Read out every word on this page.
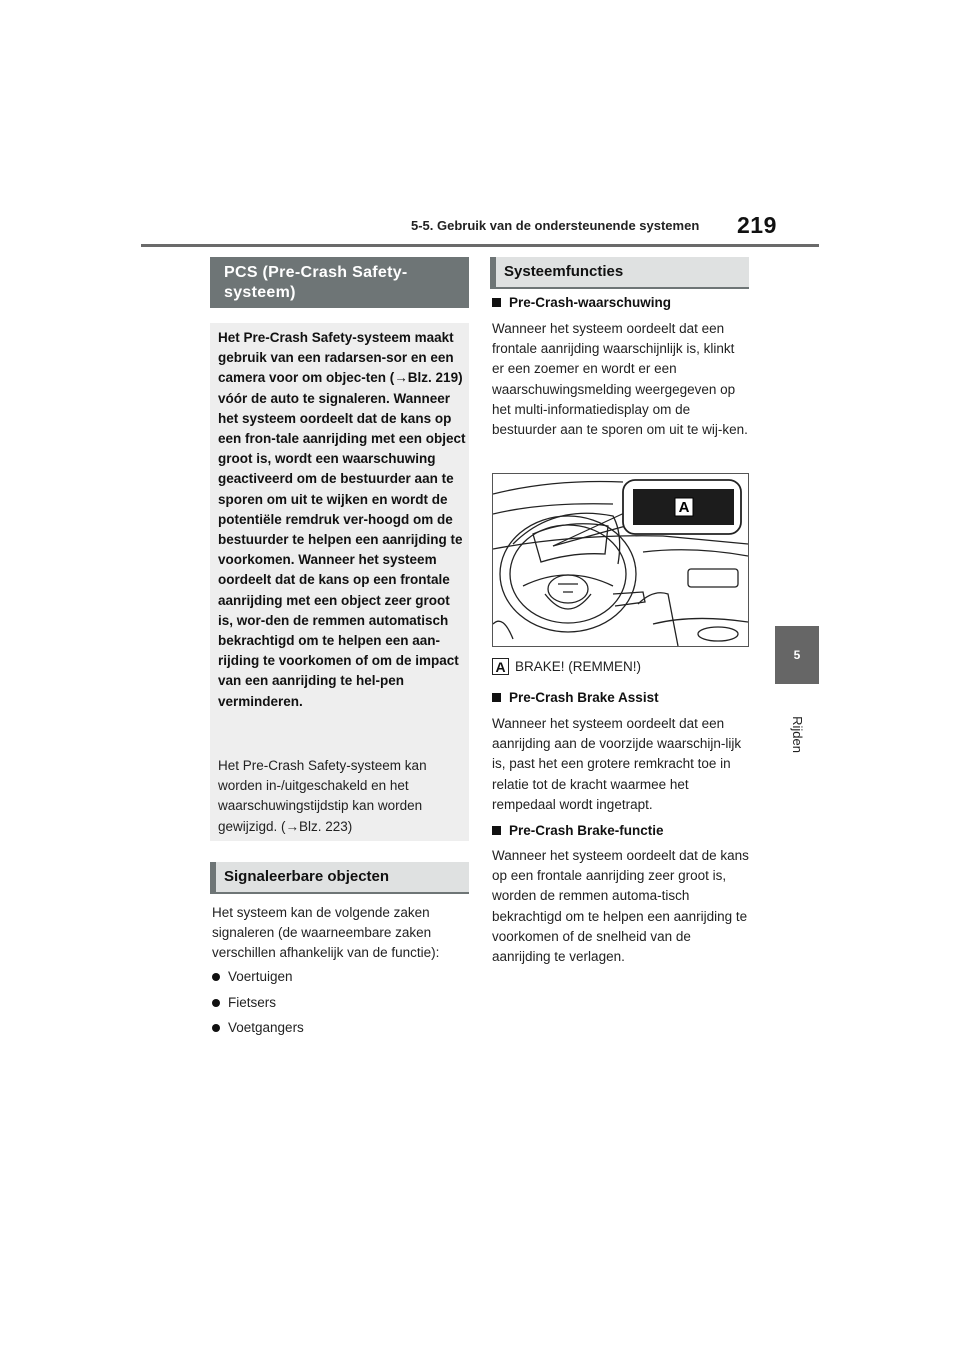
5-5. Gebruik van de ondersteunende systemen 219
5
Rijden
PCS (Pre-Crash Safety-systeem)
Het Pre-Crash Safety-systeem maakt gebruik van een radarsen-sor en een camera voor om objec-ten (→Blz. 219) vóór de auto te signaleren. Wanneer het systeem oordeelt dat de kans op een fron-tale aanrijding met een object groot is, wordt een waarschuwing geactiveerd om de bestuurder aan te sporen om uit te wijken en wordt de potentiële remdruk ver-hoogd om de bestuurder te helpen een aanrijding te voorkomen. Wanneer het systeem oordeelt dat de kans op een frontale aanrijding met een object zeer groot is, wor-den de remmen automatisch bekrachtigd om te helpen een aan-rijding te voorkomen of om de impact van een aanrijding te hel-pen verminderen.
Het Pre-Crash Safety-systeem kan worden in-/uitgeschakeld en het waarschuwingstijdstip kan worden gewijzigd. (→Blz. 223)
Signaleerbare objecten
Het systeem kan de volgende zaken signaleren (de waarneembare zaken verschillen afhankelijk van de functie):
Voertuigen
Fietsers
Voetgangers
Systeemfuncties
Pre-Crash-waarschuwing
Wanneer het systeem oordeelt dat een frontale aanrijding waarschijnlijk is, klinkt er een zoemer en wordt er een waarschuwingsmelding weergegeven op het multi-informatiedisplay om de bestuurder aan te sporen om uit te wij-ken.
A
A BRAKE! (REMMEN!)
Pre-Crash Brake Assist
Wanneer het systeem oordeelt dat een aanrijding aan de voorzijde waarschijn-lijk is, past het een grotere remkracht toe in relatie tot de kracht waarmee het rempedaal wordt ingetrapt.
Pre-Crash Brake-functie
Wanneer het systeem oordeelt dat de kans op een frontale aanrijding zeer groot is, worden de remmen automa-tisch bekrachtigd om te helpen een aanrijding te voorkomen of de snelheid van de aanrijding te verlagen.
